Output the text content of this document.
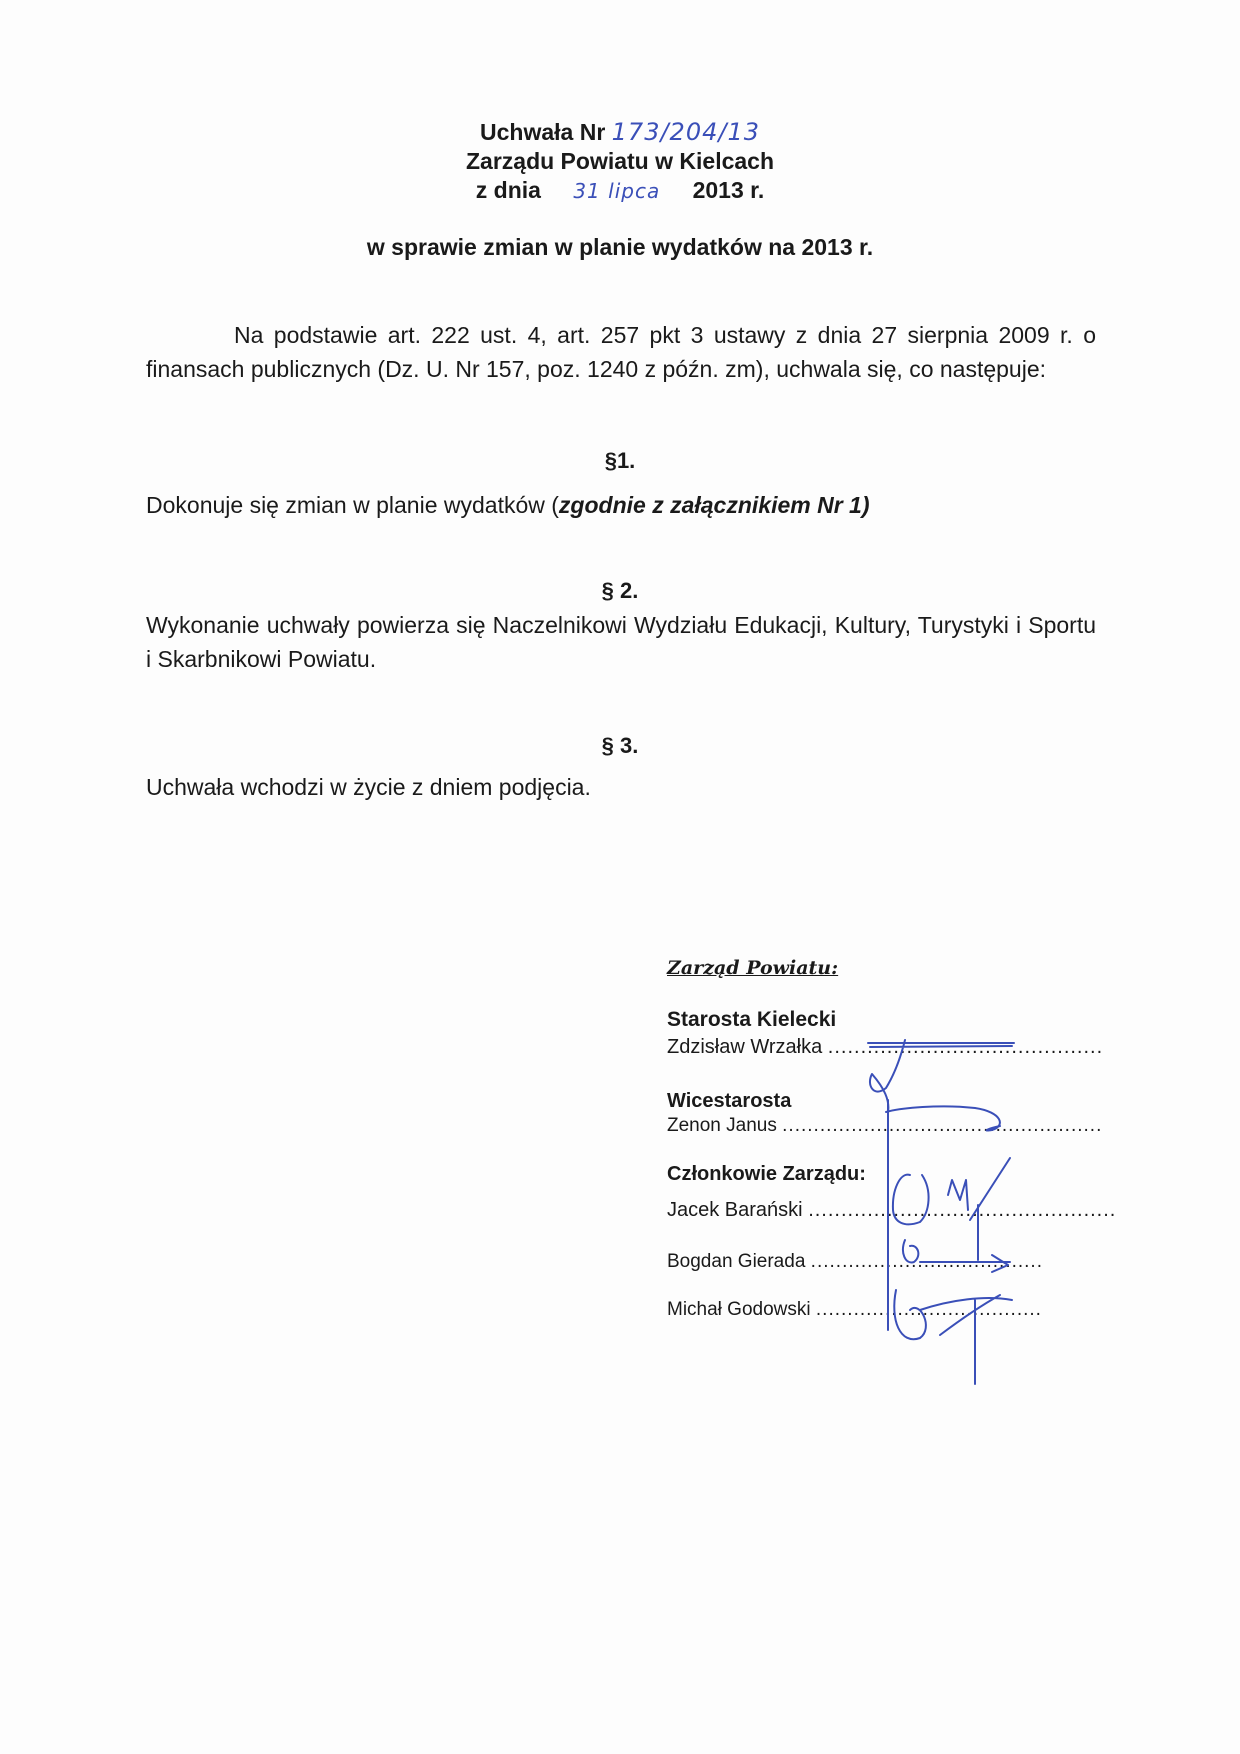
Uchwała Nr 173/204/13
Zarządu Powiatu w Kielcach
z dnia 31 lipca 2013 r.
w sprawie zmian w planie wydatków na 2013 r.
Na podstawie art. 222 ust. 4, art. 257 pkt 3 ustawy z dnia 27 sierpnia 2009 r. o finansach publicznych (Dz. U. Nr 157, poz. 1240 z późn. zm), uchwala się, co następuje:
§1.
Dokonuje się zmian w planie wydatków (zgodnie z załącznikiem Nr 1)
§ 2.
Wykonanie uchwały powierza się Naczelnikowi Wydziału Edukacji, Kultury, Turystyki i Sportu i Skarbnikowi Powiatu.
§ 3.
Uchwała wchodzi w życie z dniem podjęcia.
Zarząd Powiatu:
Starosta Kielecki
Zdzisław Wrzałka ..........................................
Wicestarosta
Zenon Janus ...................................................
Członkowie Zarządu:
Jacek Barański ...............................................
Bogdan Gierada .....................................
Michał Godowski ....................................
